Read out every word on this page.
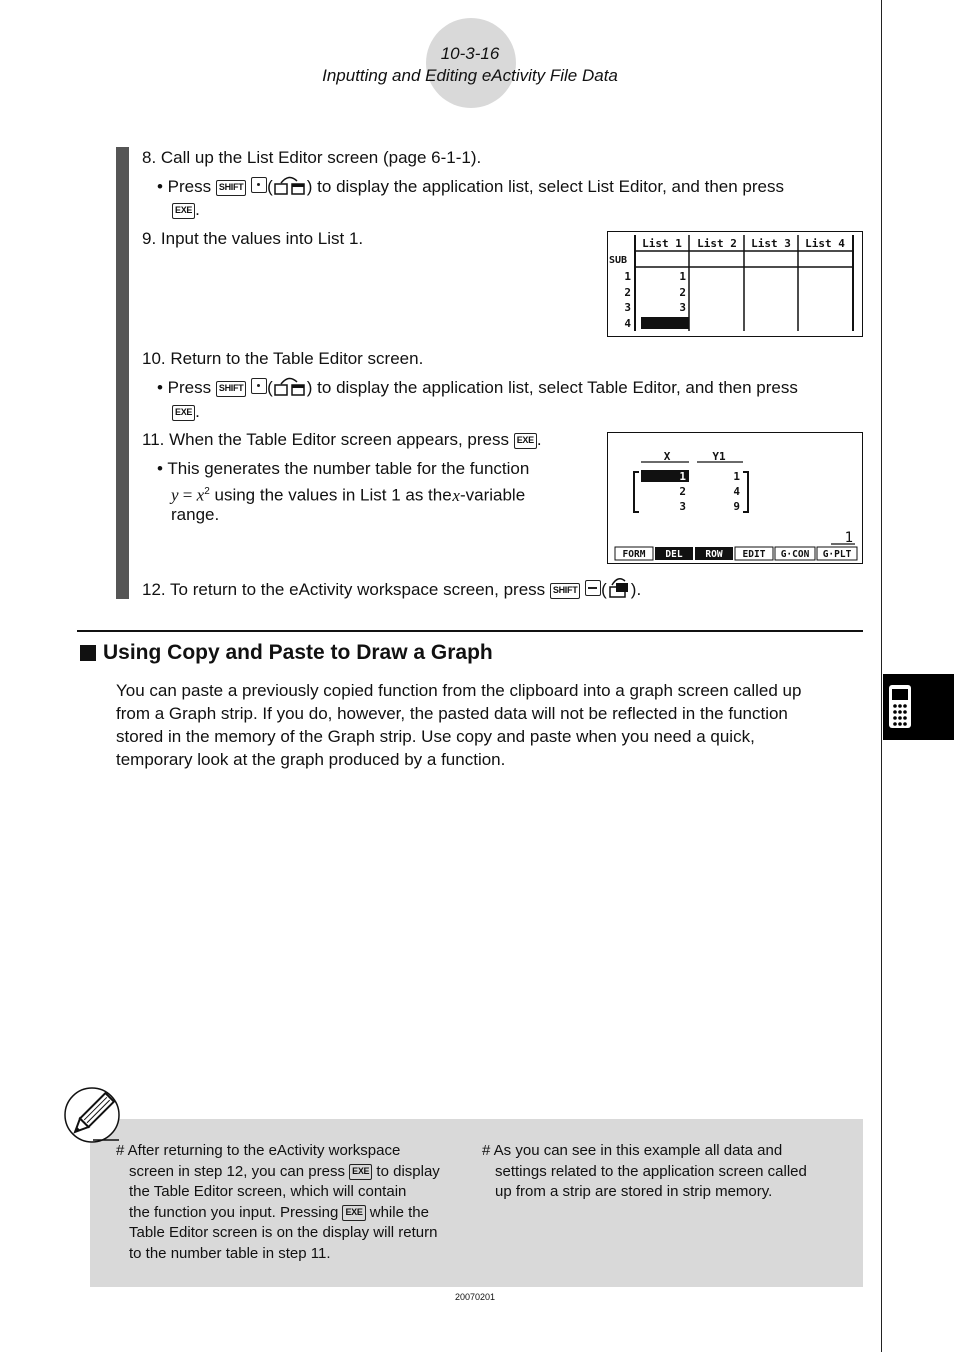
10-3-16
Inputting and Editing eActivity File Data
8. Call up the List Editor screen (page 6-1-1).
• Press SHIFT ( ) to display the application list, select List Editor, and then press
EXE .
9. Input the values into List 1.	List 1 List 2 List 3 List 4
SUB
1
2
3
4
1
2
3
10. Return to the Table Editor screen.
• Press SHIFT ( ) to display the application list, select Table Editor, and then press
EXE .
11. When the Table Editor screen appears, press EXE .
• This generates the number table for the function
$y = x^2$ using the values in List 1 as the x-variable
range.
X	Y1
1
2
3
1
4
9
1
FORM DEL ROW EDIT G·CON G·PLT
12. To return to the eActivity workspace screen, press SHIFT ( ).
Using Copy and Paste to Draw a Graph
You can paste a previously copied function from the clipboard into a graph screen called up
from a Graph strip. If you do, however, the pasted data will not be reflected in the function
stored in the memory of the Graph strip. Use copy and paste when you need a quick,
temporary look at the graph produced by a function.
# After returning to the eActivity workspace
screen in step 12, you can press EXE to display
the Table Editor screen, which will contain
the function you input. Pressing EXE while the
Table Editor screen is on the display will return
to the number table in step 11.
# As you can see in this example all data and
settings related to the application screen called
up from a strip are stored in strip memory.
20070201
